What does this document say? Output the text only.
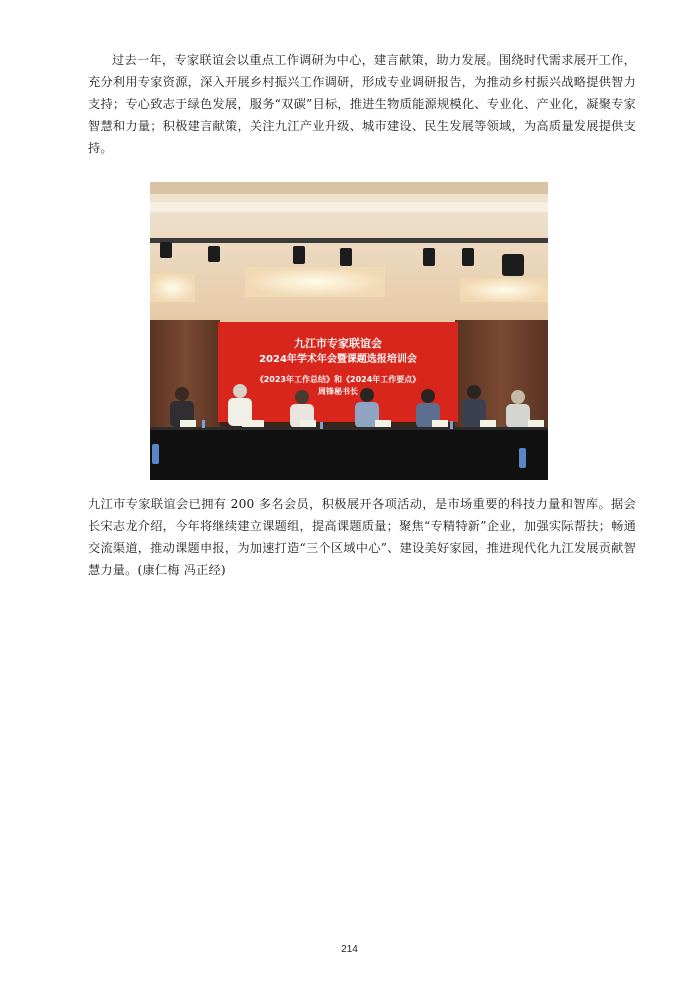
过去一年，专家联谊会以重点工作调研为中心，建言献策，助力发展。围绕时代需求展开工作，充分利用专家资源，深入开展乡村振兴工作调研，形成专业调研报告，为推动乡村振兴战略提供智力支持；专心致志于绿色发展，服务“双碳”目标，推进生物质能源规模化、专业化、产业化，凝聚专家智慧和力量；积极建言献策，关注九江产业升级、城市建设、民生发展等领域，为高质量发展提供支持。

九江市专家联谊会
2024年学术年会暨课题选报培训会
《2023年工作总结》和《2024年工作要点》
周锋秘书长

九江市专家联谊会已拥有 200 多名会员，积极展开各项活动，是市场重要的科技力量和智库。据会长宋志龙介绍，今年将继续建立课题组，提高课题质量；聚焦“专精特新”企业，加强实际帮扶；畅通交流渠道，推动课题申报，为加速打造“三个区域中心”、建设美好家园，推进现代化九江发展贡献智慧力量。(康仁梅 冯正经)

214
